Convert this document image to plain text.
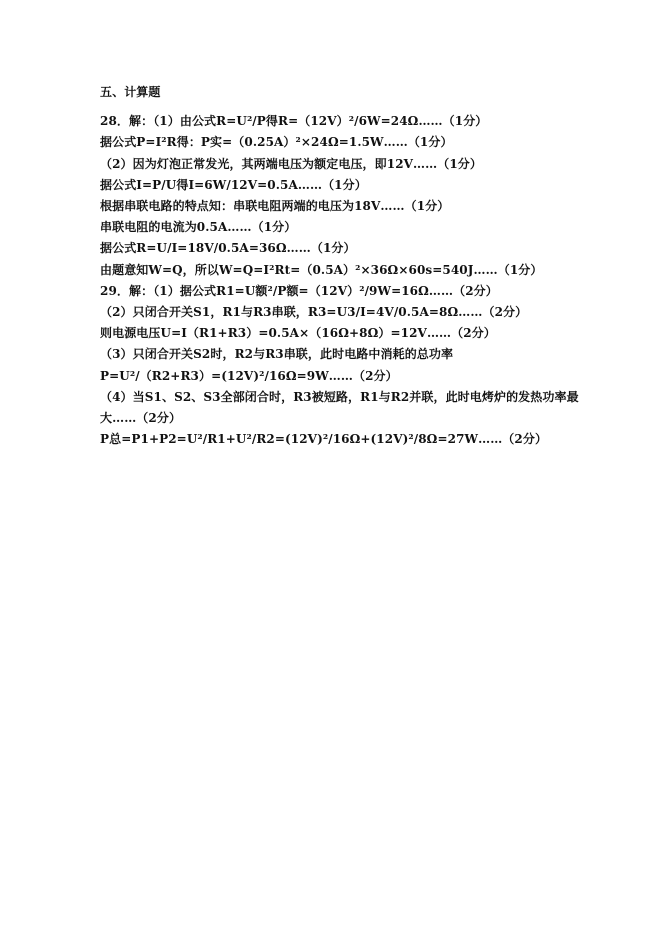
五、计算题
28．解：（1）由公式R=U²/P得R=（12V）²/6W=24Ω……（1分）
据公式P=I²R得：P实=（0.25A）²×24Ω=1.5W……（1分）
（2）因为灯泡正常发光，其两端电压为额定电压，即12V……（1分）
据公式I=P/U得I=6W/12V=0.5A……（1分）
根据串联电路的特点知：串联电阻两端的电压为18V……（1分）
串联电阻的电流为0.5A……（1分）
据公式R=U/I=18V/0.5A=36Ω……（1分）
由题意知W=Q，所以W=Q=I²Rt=（0.5A）²×36Ω×60s=540J……（1分）
29．解：（1）据公式R1=U额²/P额=（12V）²/9W=16Ω……（2分）
（2）只闭合开关S1，R1与R3串联，R3=U3/I=4V/0.5A=8Ω……（2分）
则电源电压U=I（R1+R3）=0.5A×（16Ω+8Ω）=12V……（2分）
（3）只闭合开关S2时，R2与R3串联，此时电路中消耗的总功率
P=U²/（R2+R3）=(12V)²/16Ω=9W……（2分）
（4）当S1、S2、S3全部闭合时，R3被短路，R1与R2并联，此时电烤炉的发热功率最大……（2分）
P总=P1+P2=U²/R1+U²/R2=(12V)²/16Ω+(12V)²/8Ω=27W……（2分）
